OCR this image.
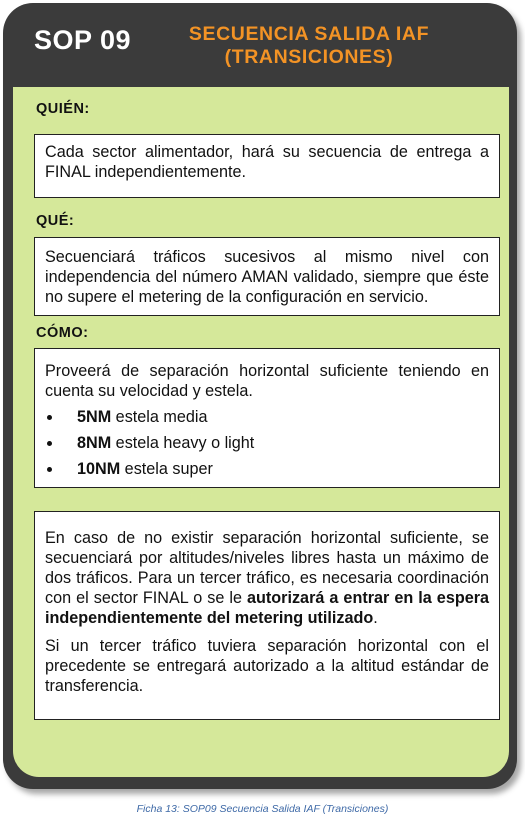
SOP 09	SECUENCIA SALIDA IAF
(TRANSICIONES)
QUIÉN:

Cada sector alimentador, hará su secuencia de entrega a FINAL independientemente.

QUÉ:

Secuenciará tráficos sucesivos al mismo nivel con independencia del número AMAN validado, siempre que éste no supere el metering de la configuración en servicio.

CÓMO:

Proveerá de separación horizontal suficiente teniendo en cuenta su velocidad y estela.

5NM estela media
8NM estela heavy o light
10NM estela super

En caso de no existir separación horizontal suficiente, se secuenciará por altitudes/niveles libres hasta un máximo de dos tráficos. Para un tercer tráfico, es necesaria coordinación con el sector FINAL o se le autorizará a entrar en la espera independientemente del metering utilizado.

Si un tercer tráfico tuviera separación horizontal con el precedente se entregará autorizado a la altitud estándar de transferencia.

Ficha 13: SOP09 Secuencia Salida IAF (Transiciones)
